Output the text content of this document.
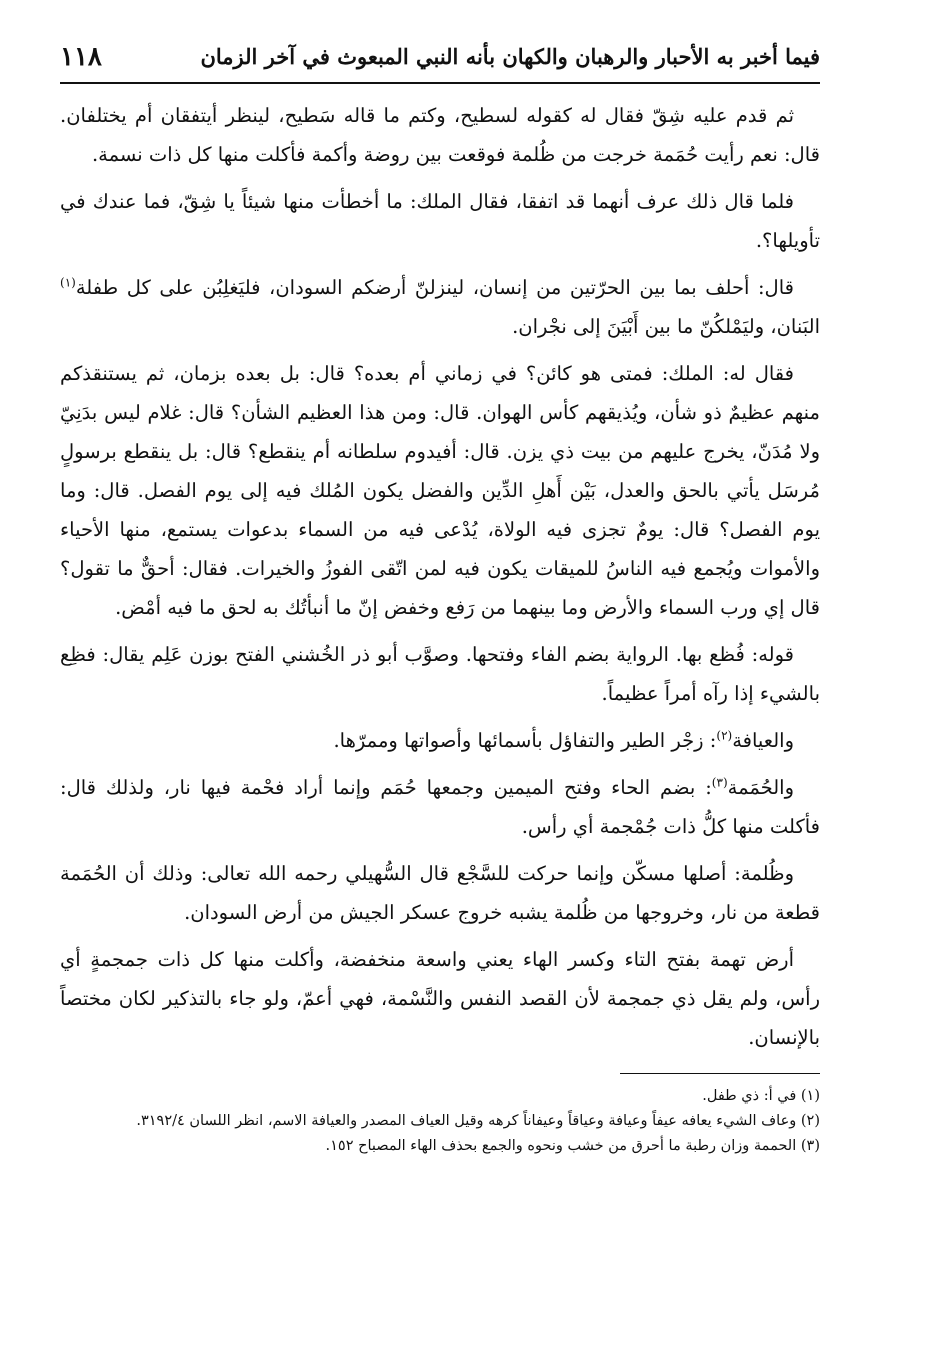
فيما أخبر به الأحبار والرهبان والكهان بأنه النبي المبعوث في آخر الزمان
١١٨

ثم قدم عليه شِقّ فقال له كقوله لسطيح، وكتم ما قاله سَطيح، لينظر أيتفقان أم يختلفان. قال: نعم رأيت حُمَمة خرجت من ظُلمة فوقعت بين روضة وأكمة فأكلت منها كل ذات نسمة.

فلما قال ذلك عرف أنهما قد اتفقا، فقال الملك: ما أخطأت منها شيئاً يا شِقّ، فما عندك في تأويلها؟.

قال: أحلف بما بين الحرّتين من إنسان، لينزلنّ أرضكم السودان، فليَغلِبُن على كل طفلة$^{(١)}$ البَنان، وليَمْلكُنّ ما بين أَبْيَنَ إلى نجْران.

فقال له: الملك: فمتى هو كائن؟ في زماني أم بعده؟ قال: بل بعده بزمان، ثم يستنقذكم منهم عظيمٌ ذو شأن، ويُذيقهم كأس الهوان. قال: ومن هذا العظيم الشأن؟ قال: غلام ليس بدَنِيّ ولا مُدَنّ، يخرج عليهم من بيت ذي يزن. قال: أفيدوم سلطانه أم ينقطع؟ قال: بل ينقطع برسولٍ مُرسَل يأتي بالحق والعدل، بَيْن أَهلِ الدِّين والفضل يكون المُلك فيه إلى يوم الفصل. قال: وما يوم الفصل؟ قال: يومٌ تجزى فيه الولاة، يُدْعى فيه من السماء بدعوات يستمع، منها الأحياء والأموات ويُجمع فيه الناسُ للميقات يكون فيه لمن اتّقى الفوزُ والخيرات. فقال: أحقٌّ ما تقول؟ قال إي ورب السماء والأرض وما بينهما من رَفع وخفض إنّ ما أنبأتُك به لحق ما فيه أمْض.

قوله: فُظع بها. الرواية بضم الفاء وفتحها. وصوَّب أبو ذر الخُشني الفتح بوزن عَلِم يقال: فظِع بالشيء إذا رآه أمراً عظيماً.

والعيافة$^{(٢)}$: زجْر الطير والتفاؤل بأسمائها وأصواتها وممرّها.

والحُمَمة$^{(٣)}$: بضم الحاء وفتح الميمين وجمعها حُمَم وإنما أراد فحْمة فيها نار، ولذلك قال: فأكلت منها كلُّ ذات جُمْجمة أي رأس.

وظُلمة: أصلها مسكّن وإنما حركت للسَّجْع قال السُّهيلي رحمه الله تعالى: وذلك أن الحُمَمة قطعة من نار، وخروجها من ظُلمة يشبه خروج عسكر الجيش من أرض السودان.

أرض تهمة بفتح التاء وكسر الهاء يعني واسعة منخفضة، وأكلت منها كل ذات جمجمةٍ أي رأس، ولم يقل ذي جمجمة لأن القصد النفس والنَّسْمة، فهي أعمّ، ولو جاء بالتذكير لكان مختصاً بالإنسان.

(١) في أ: ذي طفل.

(٢) وعاف الشيء يعافه عيفاً وعيافة وعياقاً وعيفاناً كرهه وقيل العياف المصدر والعيافة الاسم، انظر اللسان ٣١٩٢/٤.

(٣) الحممة وزان رطبة ما أحرق من خشب ونحوه والجمع بحذف الهاء المصباح ١٥٢.
